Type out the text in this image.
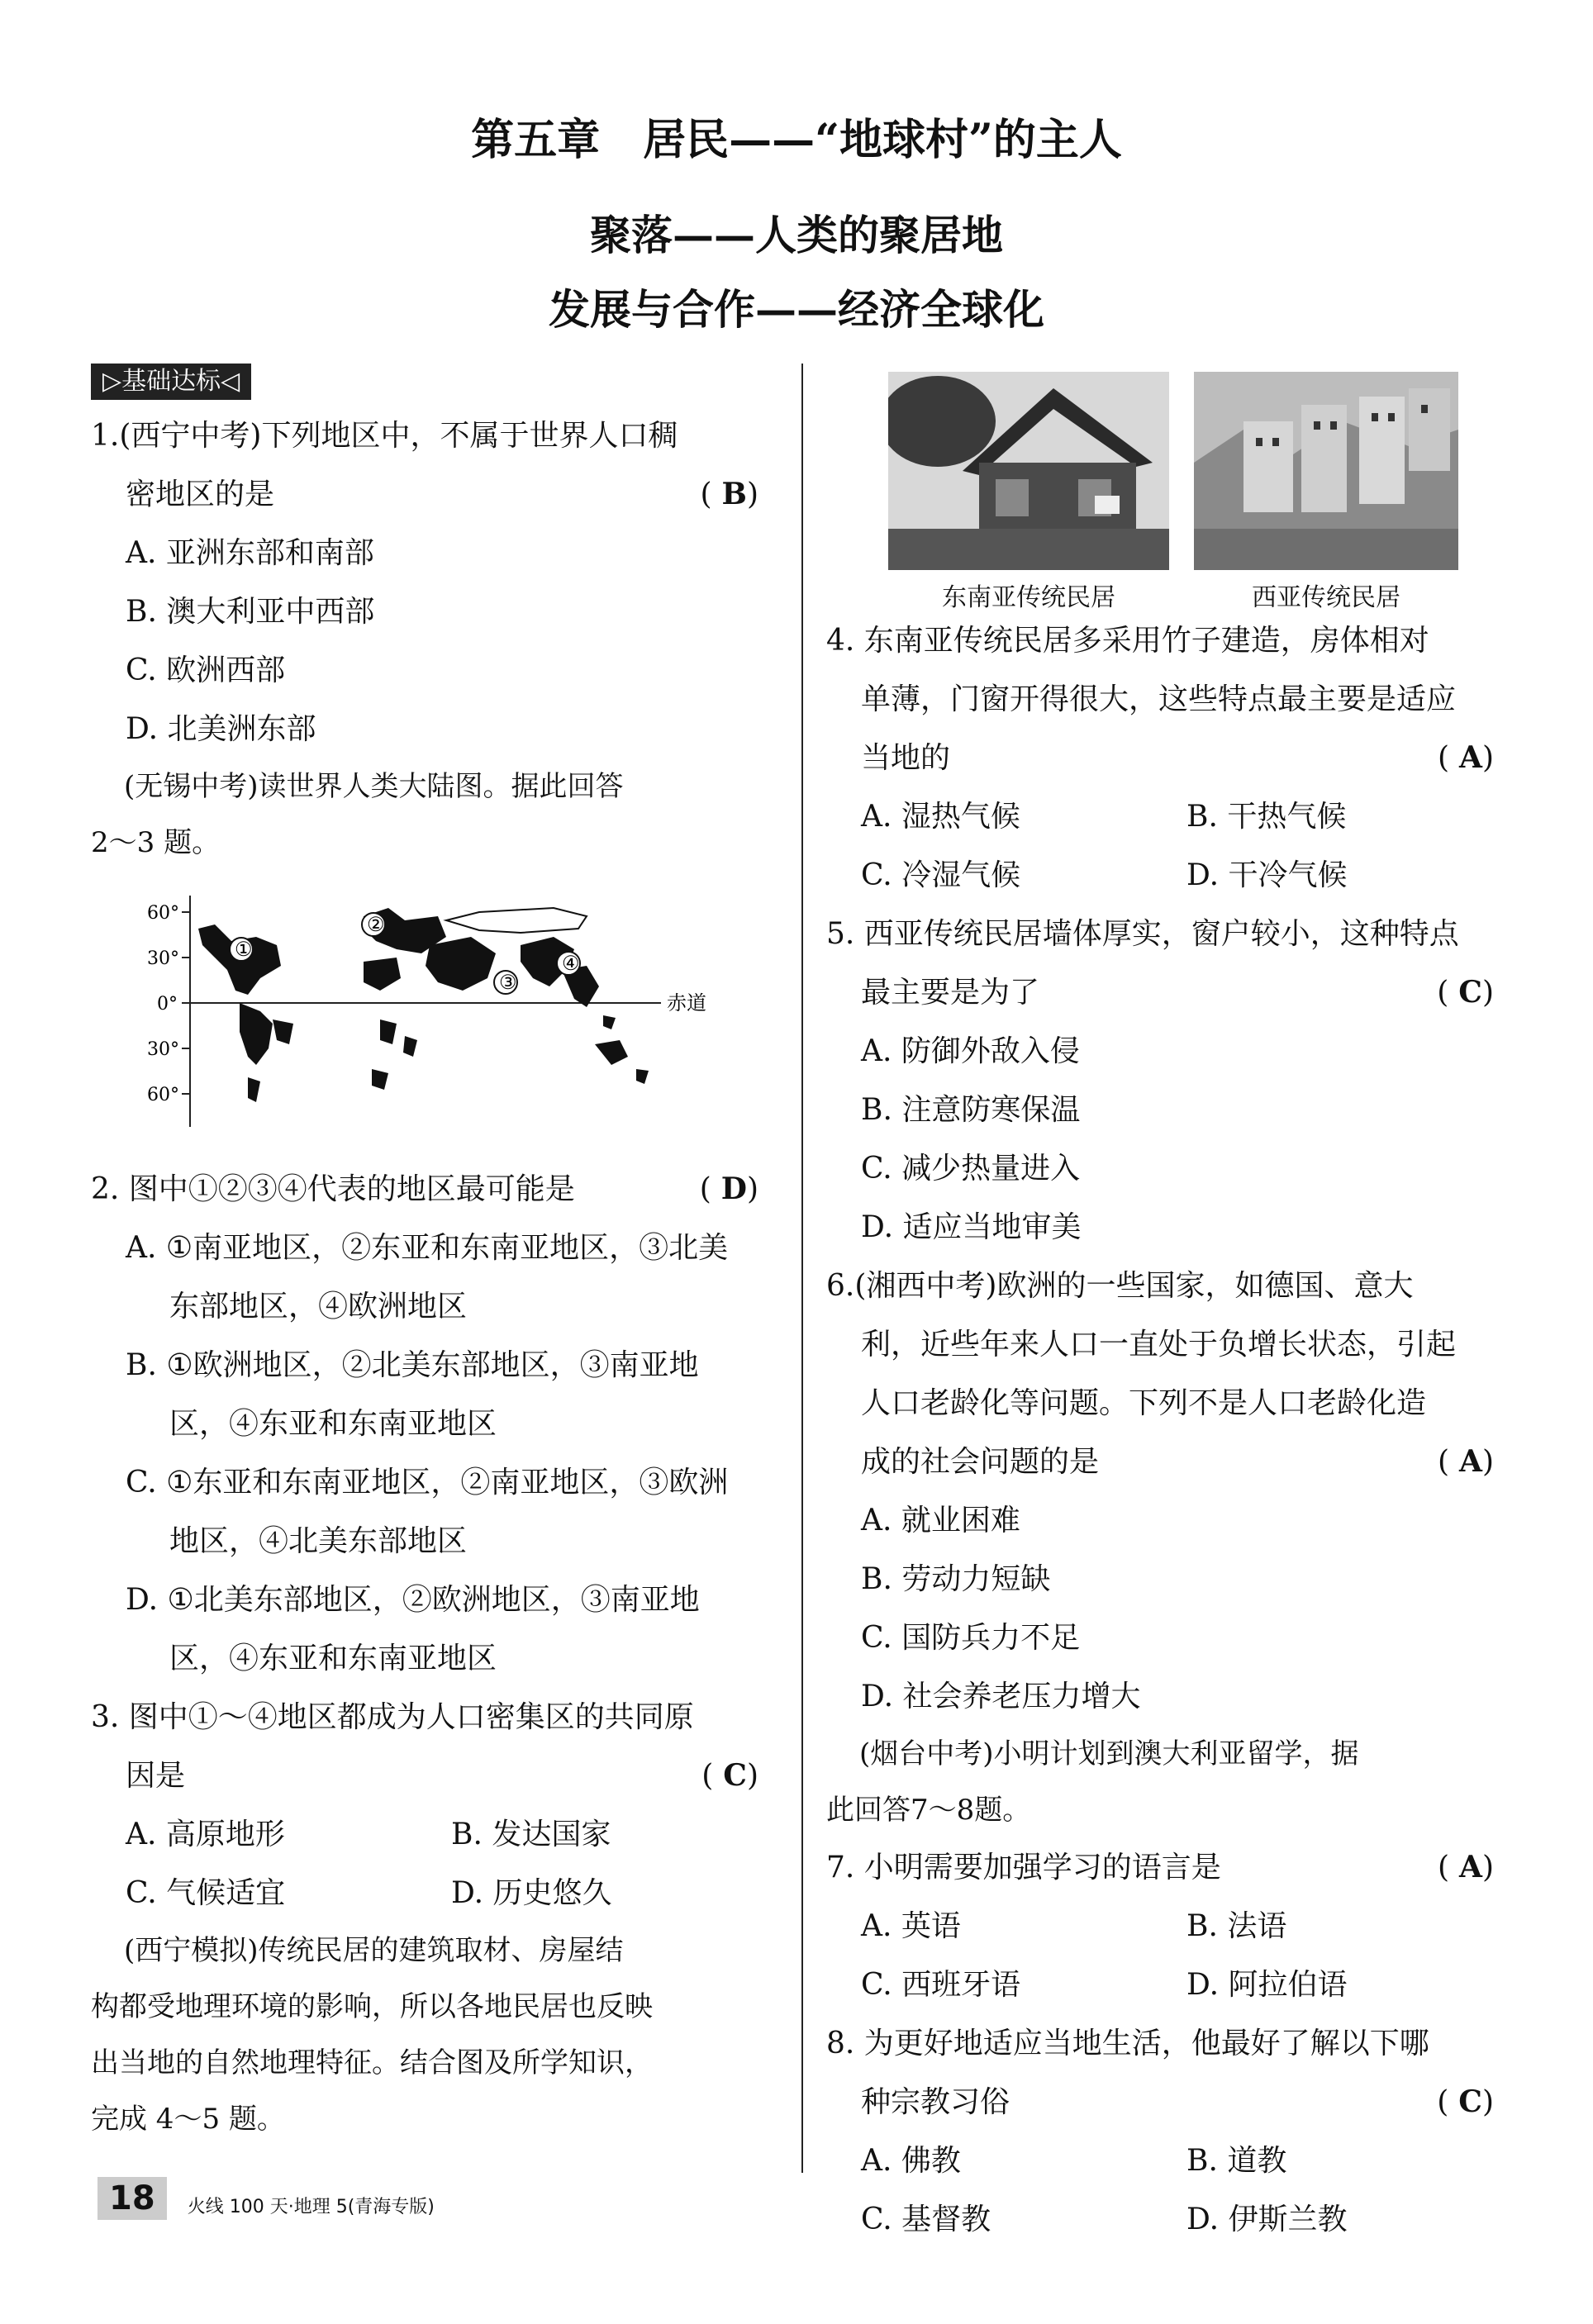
第五章　居民——“地球村”的主人
聚落——人类的聚居地
发展与合作——经济全球化
▷基础达标◁
1.(西宁中考)下列地区中，不属于世界人口稠
密地区的是	(B)
A. 亚洲东部和南部
B. 澳大利亚中西部
C. 欧洲西部
D. 北美洲东部
(无锡中考)读世界人类大陆图。据此回答
2～3 题。
60°
30°
0°
30°
60°
赤道
①
②
③
④
2. 图中①②③④代表的地区最可能是	(D)
A. ①南亚地区，②东亚和东南亚地区，③北美
东部地区，④欧洲地区
B. ①欧洲地区，②北美东部地区，③南亚地
区，④东亚和东南亚地区
C. ①东亚和东南亚地区，②南亚地区，③欧洲
地区，④北美东部地区
D. ①北美东部地区，②欧洲地区，③南亚地
区，④东亚和东南亚地区
3. 图中①～④地区都成为人口密集区的共同原
因是	(C)
A. 高原地形	B. 发达国家
C. 气候适宜	D. 历史悠久
(西宁模拟)传统民居的建筑取材、房屋结
构都受地理环境的影响，所以各地民居也反映
出当地的自然地理特征。结合图及所学知识，
完成 4～5 题。
东南亚传统民居	西亚传统民居
4. 东南亚传统民居多采用竹子建造，房体相对
单薄，门窗开得很大，这些特点最主要是适应
当地的	(A)
A. 湿热气候	B. 干热气候
C. 冷湿气候	D. 干冷气候
5. 西亚传统民居墙体厚实，窗户较小，这种特点
最主要是为了	(C)
A. 防御外敌入侵
B. 注意防寒保温
C. 减少热量进入
D. 适应当地审美
6.(湘西中考)欧洲的一些国家，如德国、意大
利，近些年来人口一直处于负增长状态，引起
人口老龄化等问题。下列不是人口老龄化造
成的社会问题的是	(A)
A. 就业困难
B. 劳动力短缺
C. 国防兵力不足
D. 社会养老压力增大
(烟台中考)小明计划到澳大利亚留学，据
此回答7～8题。
7. 小明需要加强学习的语言是	(A)
A. 英语	B. 法语
C. 西班牙语	D. 阿拉伯语
8. 为更好地适应当地生活，他最好了解以下哪
种宗教习俗	(C)
A. 佛教	B. 道教
C. 基督教	D. 伊斯兰教
18 火线 100 天·地理 5(青海专版)
